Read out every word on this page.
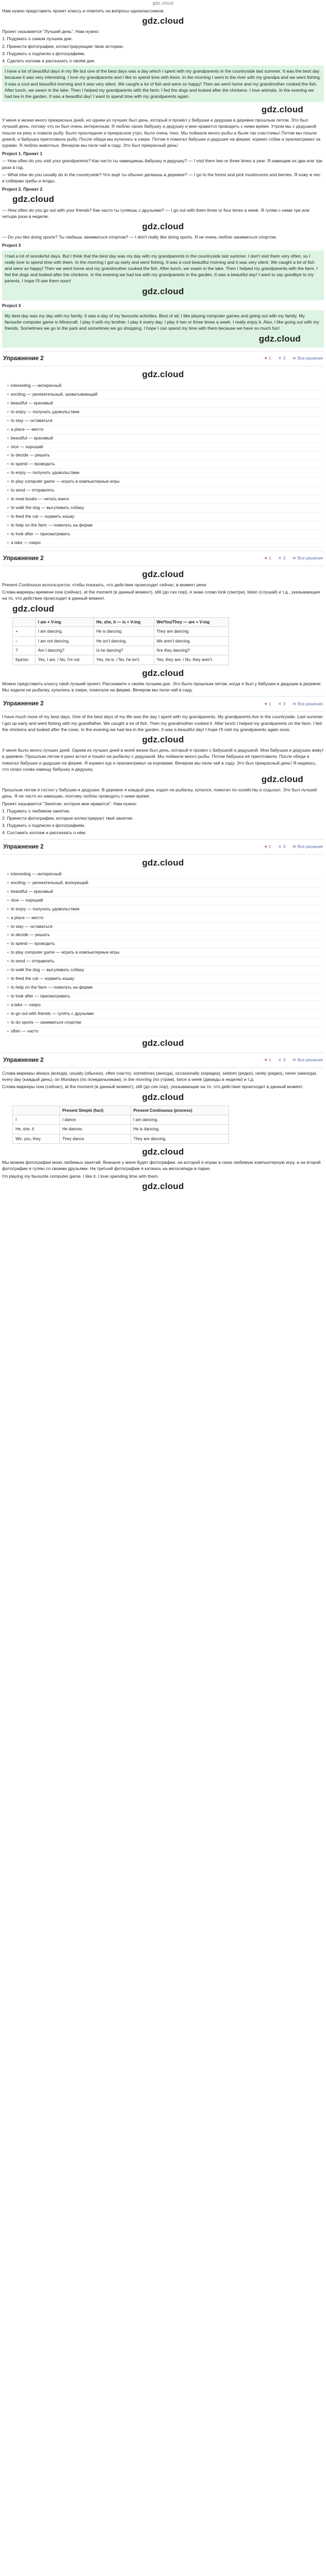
gdz.cloud

Нам нужно представить проект классу и ответить на вопросы одноклассников.

gdz.cloud

Проект называется "Лучший день". Нам нужно:

1. Подумать о самом лучшем дне.

2. Принести фотографии, иллюстрирующие твою историю.

3. Подумать о подписях к фотографиям.

4. Сделать коллаж и рассказать о своём дне.

I have a lot of beautiful days in my life but one of the best days was a day which I spent with my grandparents in the countryside last summer. It was the best day because it was very interesting. I love my grandparents and I like to spend time with them. In the morning I went to the river with my grandpa and we went fishing. It was a cool and beautiful morning and it was very silent. We caught a lot of fish and were so happy! Then we went home and my grandmother cooked the fish. After lunch, we swam in the lake. Then I helped my grandparents with the farm: I fed the dogs and looked after the chickens. I love animals. In the evening we had tea in the garden. It was a beautiful day! I want to spend time with my grandparents again.

gdz.cloud

У меня в жизни много прекрасных дней, но одним из лучших был день, который я провёл у бабушки и дедушки в деревне прошлым летом. Это был лучший день, потому что он был очень интересным. Я люблю своих бабушку и дедушку и мне нравится проводить с ними время. Утром мы с дедушкой пошли на реку и ловили рыбу. Было прохладное и прекрасное утро, было очень тихо. Мы поймали много рыбы и были так счастливы! Потом мы пошли домой, и бабушка приготовила рыбу. После обеда мы купались в озере. Потом я помогал бабушке и дедушке на ферме: кормил собак и присматривал за курами. Я люблю животных. Вечером мы пили чай в саду. Это был прекрасный день!

Project 1. Проект 1

— How often do you visit your grandparents? Как часто ты навещаешь бабушку и дедушку? — I visit them two or three times a year. Я навещаю их два или три раза в год.

— What else do you usually do in the countryside? Что ещё ты обычно делаешь в деревне? — I go to the forest and pick mushrooms and berries. Я хожу в лес и собираю грибы и ягоды.

Project 2. Проект 2

gdz.cloud

— How often do you go out with your friends? Как часто ты гуляешь с друзьями? — I go out with them three or four times a week. Я гуляю с ними три или четыре раза в неделю.

gdz.cloud

— Do you like doing sports? Ты любишь заниматься спортом? — I don't really like doing sports. Я не очень люблю заниматься спортом.

Project 3

I had a lot of wonderful days. But I think that the best day was my day with my grandparents in the countryside last summer. I don't visit them very often, so I really love to spend time with them. In the morning I got up early and went fishing. It was a cool beautiful morning and it was very silent. We caught a lot of fish and were so happy! Then we went home and my grandmother cooked the fish. After lunch, we swam in the lake. Then I helped my grandparents with the farm. I fed the dogs and looked after the chickens. In the evening we had tea with my grandparents in the garden. It was a beautiful day! I want to say goodbye to my parents. I hope I'll see them soon!

gdz.cloud

Project 3

My best day was my day with my family. It was a day of my favourite activities. Best of all, I like playing computer games and going out with my family. My favourite computer game is Minecraft. I play it with my brother. I play it every day. I play it two or three times a week. I really enjoy it. Also, I like going out with my friends. Sometimes we go to the park and sometimes we go shopping. I hope I can spend my time with them because we have so much fun!

gdz.cloud
Упражнение 2	♥ 1 ✕ 3 ✉ Все решения
gdz.cloud
• interesting — интересный
• exciting — увлекательный, захватывающий
• beautiful — красивый
• to enjoy — получать удовольствие
• to stay — оставаться
• a place — место
• beautiful — красивый
• nice — хороший
• to decide — решать
• to spend — проводить
• to enjoy — получать удовольствие
• to play computer game — играть в компьютерные игры
• to send — отправлять
• to read books — читать книги
• to walk the dog — выгуливать собаку
• to feed the cat — кормить кошку
• to help on the farm — помогать на ферме
• to look after — присматривать
• a lake — озеро
Упражнение 2	♥ 1 ✕ 3 ✉ Все решения
gdz.cloud

Present Continuous используется, чтобы показать, что действие происходит сейчас, в момент речи.

Слова-маркеры времени now (сейчас), at the moment (в данный момент), still (до сих пор), я знаю слово look (смотри), listen (слушай) и т.д., указывающие на то, что действие происходит в данный момент.

gdz.cloud
	I am + V-ing	He, she, it — is + V-ing	We/You/They — are + V-ing
+	I am dancing.	He is dancing.	They are dancing.
−	I am not dancing.	He isn't dancing.	We aren't dancing.
?	Am I dancing?	Is he dancing?	Are they dancing?
Кратко	Yes, I am. / No, I'm not.	Yes, he is. / No, he isn't.	Yes, they are. / No, they aren't.
gdz.cloud

Можно представить классу свой лучший проект. Расскажите о своём лучшем дне. Это было прошлым летом, когда я был у бабушки и дедушки в деревне. Мы ходили на рыбалку, купались в озере, помогали на ферме. Вечером мы пили чай в саду.

Упражнение 2	♥ 1 ✕ 3 ✉ Все решения

I have much more of my best days. One of the best days of my life was the day I spent with my grandparents. My grandparents live in the countryside. Last summer I got up early and went fishing with my grandfather. We caught a lot of fish. Then my grandmother cooked it. After lunch I helped my grandparents on the farm. I fed the chickens and looked after the cows. In the evening we had tea in the garden. It was a beautiful day! I hope I'll visit my grandparents again soon.

gdz.cloud

У меня было много лучших дней. Одним из лучших дней в моей жизни был день, который я провёл с бабушкой и дедушкой. Мои бабушка и дедушка живут в деревне. Прошлым летом я рано встал и пошёл на рыбалку с дедушкой. Мы поймали много рыбы. Потом бабушка её приготовила. После обеда я помогал бабушке и дедушке на ферме. Я кормил кур и присматривал за коровами. Вечером мы пили чай в саду. Это был прекрасный день! Я надеюсь, что скоро снова навещу бабушку и дедушку.

gdz.cloud

Прошлым летом я гостил у бабушки и дедушки. В деревне я каждый день ходил на рыбалку, купался, помогал по хозяйству и отдыхал. Это был лучший день. Я не часто их навещаю, поэтому люблю проводить с ними время.

Проект называется "Занятие, которое мне нравится". Нам нужно:

1. Подумать о любимом занятии.

2. Принести фотографии, которые иллюстрируют твоё занятие.

3. Подумать о подписях к фотографиям.

4. Составить коллаж и рассказать о нём.

Упражнение 2	♥ 1 ✕ 3 ✉ Все решения
gdz.cloud
• interesting — интересный
• exciting — увлекательный, волнующий
• beautiful — красивый
• nice — хороший
• to enjoy — получать удовольствие
• a place — место
• to stay — оставаться
• to decide — решать
• to spend — проводить
• to play computer game — играть в компьютерные игры
• to send — отправлять
• to walk the dog — выгуливать собаку
• to feed the cat — кормить кошку
• to help on the farm — помогать на ферме
• to look after — присматривать
• a lake — озеро
• to go out with friends — гулять с друзьями
• to do sports — заниматься спортом
• often — часто
gdz.cloud
Упражнение 2	♥ 1 ✕ 3 ✉ Все решения

Слова-маркеры always (всегда), usually (обычно), often (часто), sometimes (иногда), occasionally (изредка), seldom (редко), rarely (редко), never (никогда), every day (каждый день), on Mondays (по понедельникам), in the morning (по утрам), twice a week (дважды в неделю) и т.д.

Слова-маркеры now (сейчас), at the moment (в данный момент), still (до сих пор), указывающие на то, что действие происходит в данный момент.

gdz.cloud
	Present Simple (fact)	Present Continuous (process)
I	I dance.	I am dancing.
He, she, it	He dances.	He is dancing.
We, you, they	They dance.	They are dancing.
gdz.cloud

Мы можем фотографии моих любимых занятий. Вначале у меня будет фотографии, на которой я играю в свою любимую компьютерную игру, а на второй фотографии я гуляю со своими друзьями. На третьей фотографии я катаюсь на велосипеде в парке.

I'm playing my favourite computer game. I like it. I love spending time with them.

gdz.cloud
